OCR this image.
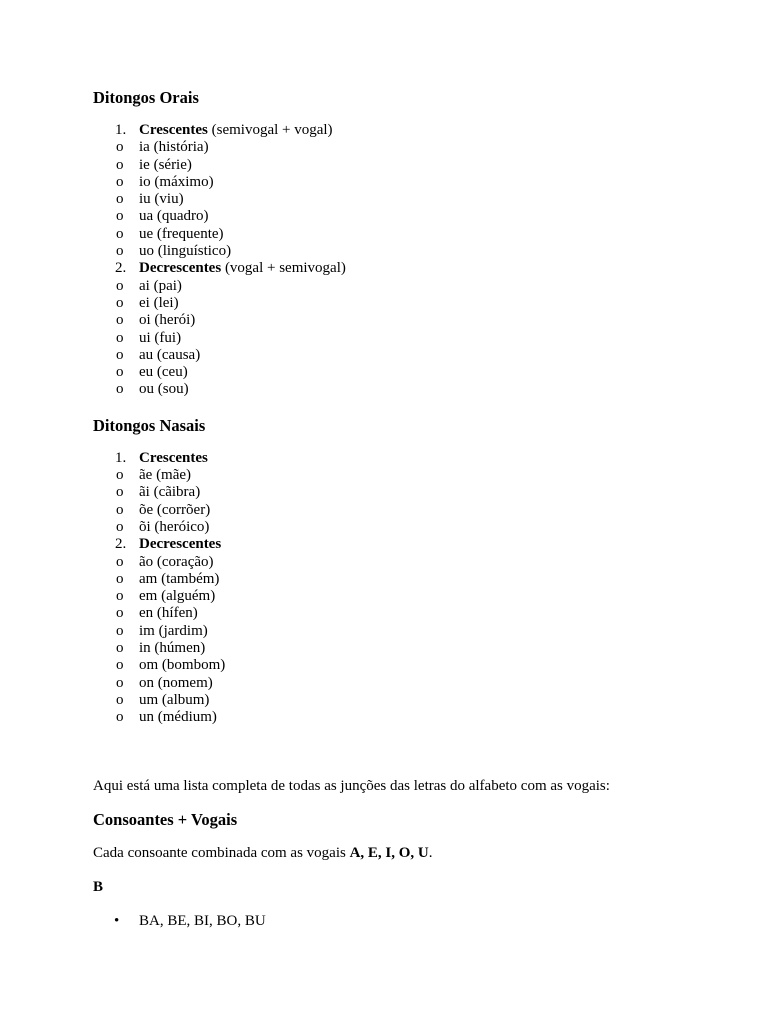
Ditongos Orais
1. Crescentes (semivogal + vogal)
o ia (história)
o ie (série)
o io (máximo)
o iu (viu)
o ua (quadro)
o ue (frequente)
o uo (linguístico)
2. Decrescentes (vogal + semivogal)
o ai (pai)
o ei (lei)
o oi (herói)
o ui (fui)
o au (causa)
o eu (ceu)
o ou (sou)
Ditongos Nasais
1. Crescentes
o ãe (mãe)
o ãi (cãibra)
o õe (corrõer)
o õi (heróico)
2. Decrescentes
o ão (coração)
o am (também)
o em (alguém)
o en (hífen)
o im (jardim)
o in (húmen)
o om (bombom)
o on (nomem)
o um (album)
o un (médium)

Aqui está uma lista completa de todas as junções das letras do alfabeto com as vogais:

Consoantes + Vogais

Cada consoante combinada com as vogais A, E, I, O, U.

B

• BA, BE, BI, BO, BU
